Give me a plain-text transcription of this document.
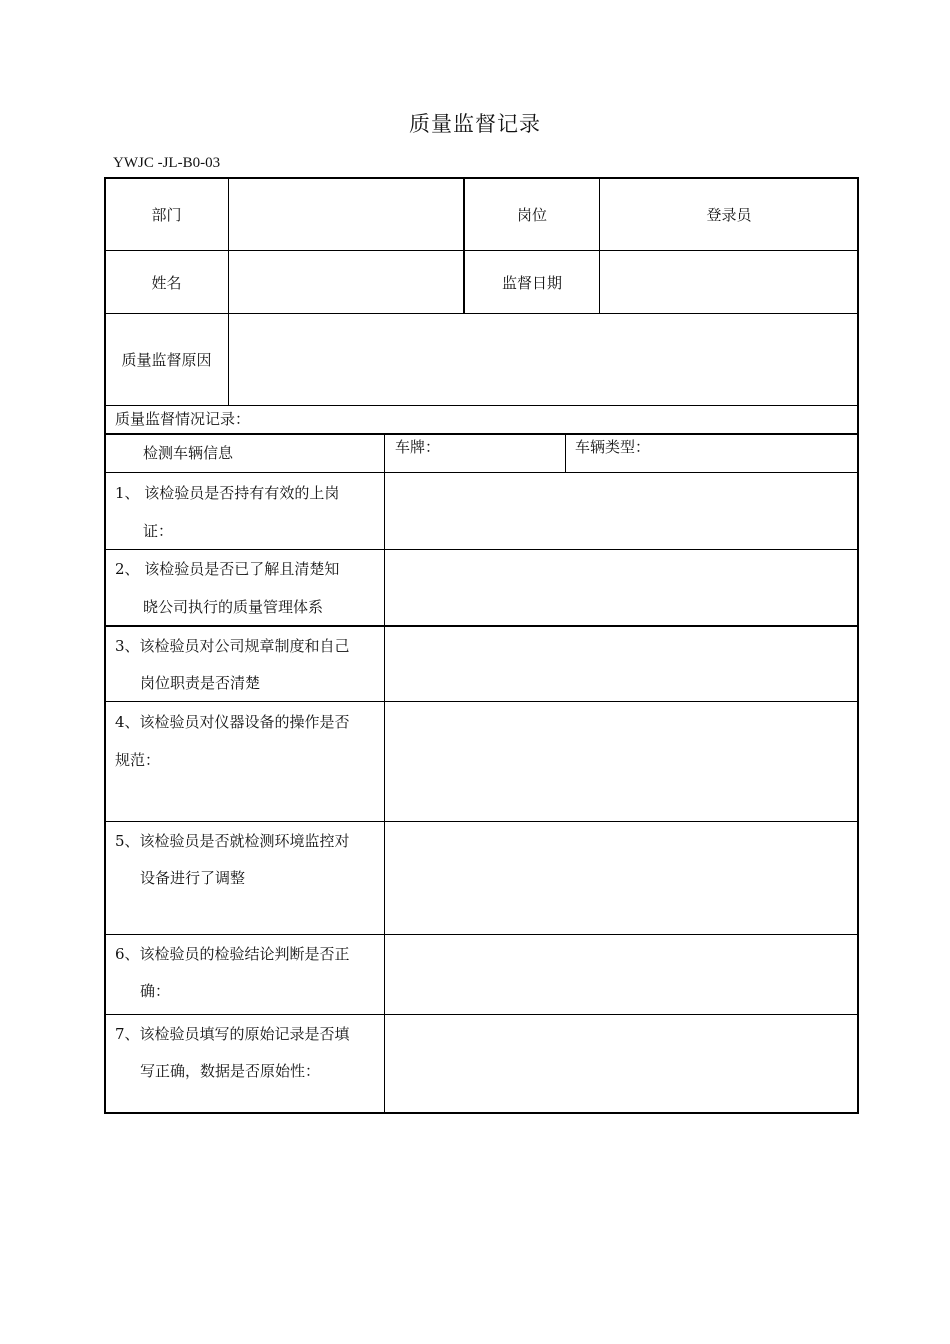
质量监督记录
YWJC -JL-B0-03
部门	岗位	登录员
姓名	监督日期
质量监督原因
质量监督情况记录：
检测车辆信息	车牌：	车辆类型：
1、 该检验员是否持有有效的上岗
证：
2、 该检验员是否已了解且清楚知
晓公司执行的质量管理体系
3、该检验员对公司规章制度和自己
岗位职责是否清楚
4、该检验员对仪器设备的操作是否
规范：
5、该检验员是否就检测环境监控对
设备进行了调整
6、该检验员的检验结论判断是否正
确：
7、该检验员填写的原始记录是否填
写正确，数据是否原始性：
